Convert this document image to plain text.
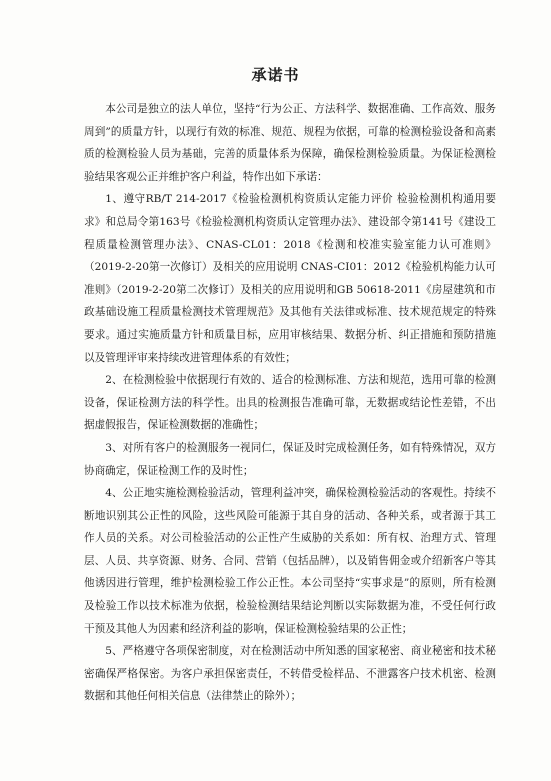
承诺书

本公司是独立的法人单位，坚持“行为公正、方法科学、数据准确、工作高效、服务周到”的质量方针，以现行有效的标准、规范、规程为依据，可靠的检测检验设备和高素质的检测检验人员为基础，完善的质量体系为保障，确保检测检验质量。为保证检测检验结果客观公正并维护客户利益，特作出如下承诺：

1、遵守RB/T 214-2017《检验检测机构资质认定能力评价 检验检测机构通用要求》和总局令第163号《检验检测机构资质认定管理办法》、建设部令第141号《建设工程质量检测管理办法》、CNAS-CL01：2018《检测和校准实验室能力认可准则》（2019-2-20第一次修订）及相关的应用说明 CNAS-CI01：2012《检验机构能力认可准则》（2019-2-20第二次修订）及相关的应用说明和GB 50618-2011《房屋建筑和市政基础设施工程质量检测技术管理规范》及其他有关法律或标准、技术规范规定的特殊要求。通过实施质量方针和质量目标，应用审核结果、数据分析、纠正措施和预防措施以及管理评审来持续改进管理体系的有效性；

2、在检测检验中依据现行有效的、适合的检测标准、方法和规范，选用可靠的检测设备，保证检测方法的科学性。出具的检测报告准确可靠，无数据或结论性差错，不出据虚假报告，保证检测数据的准确性；

3、对所有客户的检测服务一视同仁，保证及时完成检测任务，如有特殊情况，双方协商确定，保证检测工作的及时性；

4、公正地实施检测检验活动，管理利益冲突，确保检测检验活动的客观性。持续不断地识别其公正性的风险，这些风险可能源于其自身的活动、各种关系，或者源于其工作人员的关系。对公司检验活动的公正性产生威胁的关系如：所有权、治理方式、管理层、人员、共享资源、财务、合同、营销（包括品牌），以及销售佣金或介绍新客户等其他诱因进行管理，维护检测检验工作公正性。本公司坚持“实事求是”的原则，所有检测及检验工作以技术标准为依据，检验检测结果结论判断以实际数据为准，不受任何行政干预及其他人为因素和经济利益的影响，保证检测检验结果的公正性；

5、严格遵守各项保密制度，对在检测活动中所知悉的国家秘密、商业秘密和技术秘密确保严格保密。为客户承担保密责任，不转借受检样品、不泄露客户技术机密、检测数据和其他任何相关信息（法律禁止的除外）；
